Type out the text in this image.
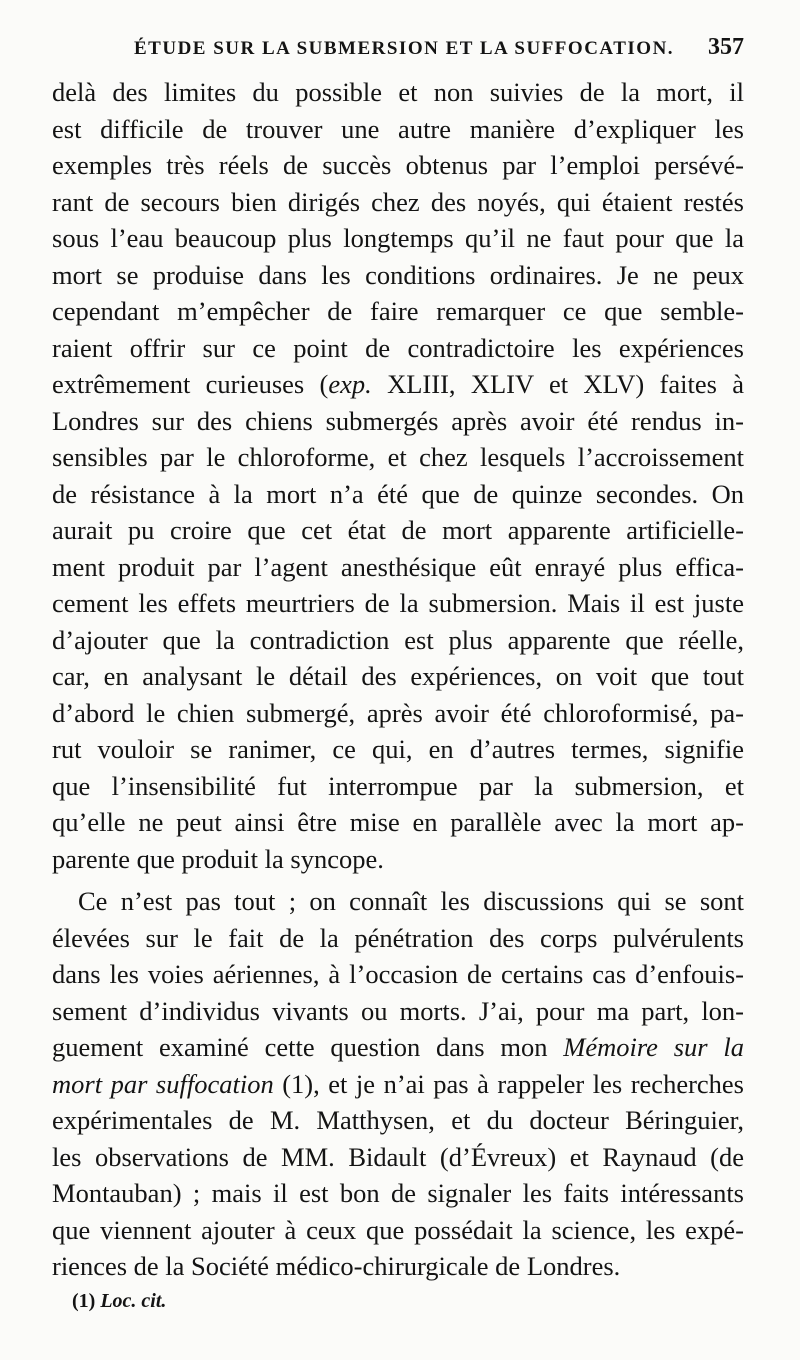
ÉTUDE SUR LA SUBMERSION ET LA SUFFOCATION. 357
delà des limites du possible et non suivies de la mort, il
est difficile de trouver une autre manière d’expliquer les
exemples très réels de succès obtenus par l’emploi persévé-
rant de secours bien dirigés chez des noyés, qui étaient restés
sous l’eau beaucoup plus longtemps qu’il ne faut pour que la
mort se produise dans les conditions ordinaires. Je ne peux
cependant m’empêcher de faire remarquer ce que semble-
raient offrir sur ce point de contradictoire les expériences
extrêmement curieuses (exp. XLIII, XLIV et XLV) faites à
Londres sur des chiens submergés après avoir été rendus in-
sensibles par le chloroforme, et chez lesquels l’accroissement
de résistance à la mort n’a été que de quinze secondes. On
aurait pu croire que cet état de mort apparente artificielle-
ment produit par l’agent anesthésique eût enrayé plus effica-
cement les effets meurtriers de la submersion. Mais il est juste
d’ajouter que la contradiction est plus apparente que réelle,
car, en analysant le détail des expériences, on voit que tout
d’abord le chien submergé, après avoir été chloroformisé, pa-
rut vouloir se ranimer, ce qui, en d’autres termes, signifie
que l’insensibilité fut interrompue par la submersion, et
qu’elle ne peut ainsi être mise en parallèle avec la mort ap-
parente que produit la syncope.
Ce n’est pas tout ; on connaît les discussions qui se sont
élevées sur le fait de la pénétration des corps pulvérulents
dans les voies aériennes, à l’occasion de certains cas d’enfouis-
sement d’individus vivants ou morts. J’ai, pour ma part, lon-
guement examiné cette question dans mon Mémoire sur la
mort par suffocation (1), et je n’ai pas à rappeler les recherches
expérimentales de M. Matthysen, et du docteur Béringuier,
les observations de MM. Bidault (d’Évreux) et Raynaud (de
Montauban) ; mais il est bon de signaler les faits intéressants
que viennent ajouter à ceux que possédait la science, les expé-
riences de la Société médico-chirurgicale de Londres.
(1) Loc. cit.
